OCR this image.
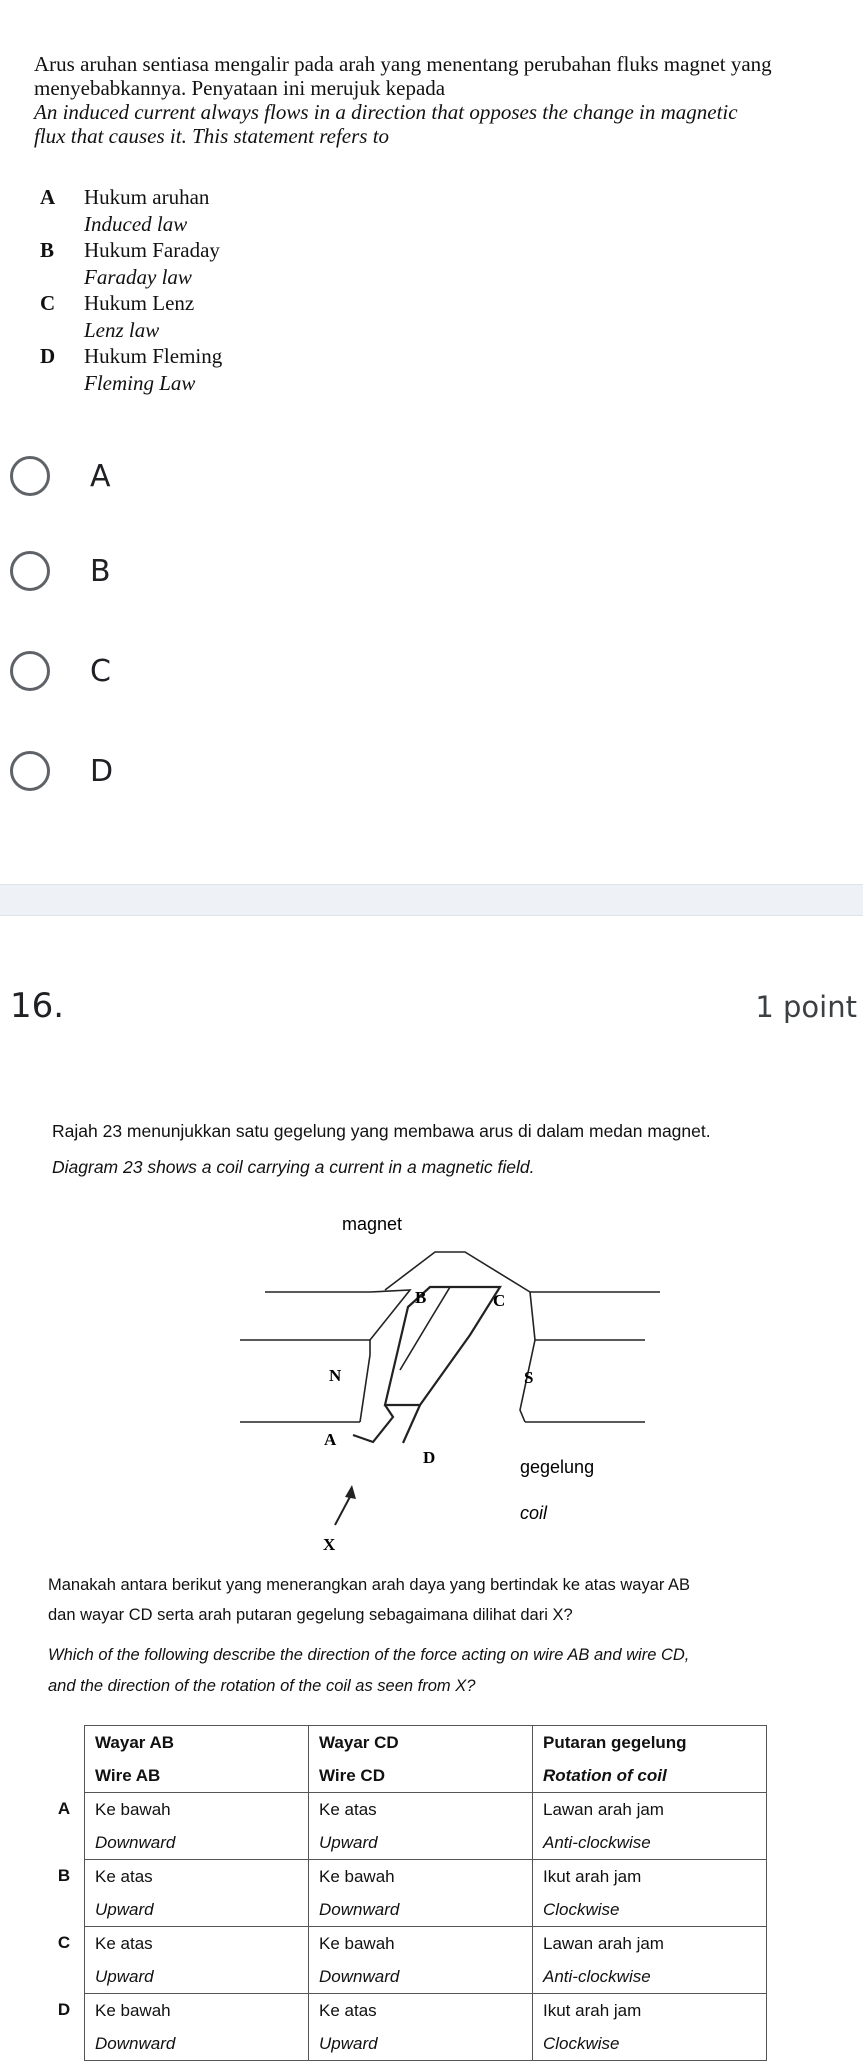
Arus aruhan sentiasa mengalir pada arah yang menentang perubahan fluks magnet yang
menyebabkannya. Penyataan ini merujuk kepada
An induced current always flows in a direction that opposes the change in magnetic
flux that causes it. This statement refers to
A Hukum aruhan
Induced law
B Hukum Faraday
Faraday law
C Hukum Lenz
Lenz law
D Hukum Fleming
Fleming Law
A
B
C
D
16.	1 point
Rajah 23 menunjukkan satu gegelung yang membawa arus di dalam medan magnet.
Diagram 23 shows a coil carrying a current in a magnetic field.
magnet
B	C
N	S
A
D	gegelung
coil
X
Manakah antara berikut yang menerangkan arah daya yang bertindak ke atas wayar AB
dan wayar CD serta arah putaran gegelung sebagaimana dilihat dari X?
Which of the following describe the direction of the force acting on wire AB and wire CD,
and the direction of the rotation of the coil as seen from X?
	Wayar AB	Wayar CD	Putaran gegelung
	Wire AB	Wire CD	Rotation of coil
A	Ke bawah	Ke atas	Lawan arah jam
	Downward	Upward	Anti-clockwise
B	Ke atas	Ke bawah	Ikut arah jam
	Upward	Downward	Clockwise
C	Ke atas	Ke bawah	Lawan arah jam
	Upward	Downward	Anti-clockwise
D	Ke bawah	Ke atas	Ikut arah jam
	Downward	Upward	Clockwise
